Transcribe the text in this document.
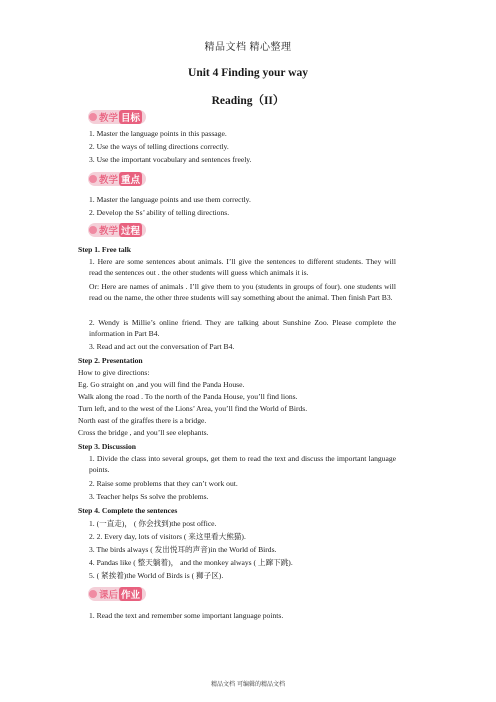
精品文档 精心整理
Unit 4 Finding your way
Reading（II）
教学 目标
1. Master the language points in this passage.
2. Use the ways of telling directions correctly.
3. Use the important vocabulary and sentences freely.
教学 重点
1. Master the language points and use them correctly.
2. Develop the Ss’ ability of telling directions.
教学 过程
Step 1. Free talk
1. Here are some sentences about animals. I’ll give the sentences to different students. They will read the sentences out . the other students will guess which animals it is.
Or: Here are names of animals . I’ll give them to you (students in groups of four). one students will read ou the name, the other three students will say something about the animal. Then finish Part B3.
2. Wendy is Millie’s online friend. They are talking about Sunshine Zoo. Please complete the information in Part B4.
3. Read and act out the conversation of Part B4.
Step 2. Presentation
How to give directions:
Eg. Go straight on ,and you will find the Panda House.
Walk along the road . To the north of the Panda House, you’ll find lions.
Turn left, and to the west of the Lions’ Area, you’ll find the World of Birds.
North east of the giraffes there is a bridge.
Cross the bridge , and you’ll see elephants.
Step 3. Discussion
1. Divide the class into several groups, get them to read the text and discuss the important language points.
2. Raise some problems that they can’t work out.
3. Teacher helps Ss solve the problems.
Step 4. Complete the sentences
1. (一直走)， ( 你会找到)the post office.
2. 2. Every day, lots of visitors ( 来这里看大熊猫).
3. The birds always ( 发出悦耳的声音)in the World of Birds.
4. Pandas like ( 整天躺着)， and the monkey always ( 上蹿下跳).
5. ( 紧挨着)the World of Birds is ( 狮子区).
课后 作业
1. Read the text and remember some important language points.
精品文档 可编辑的精品文档
